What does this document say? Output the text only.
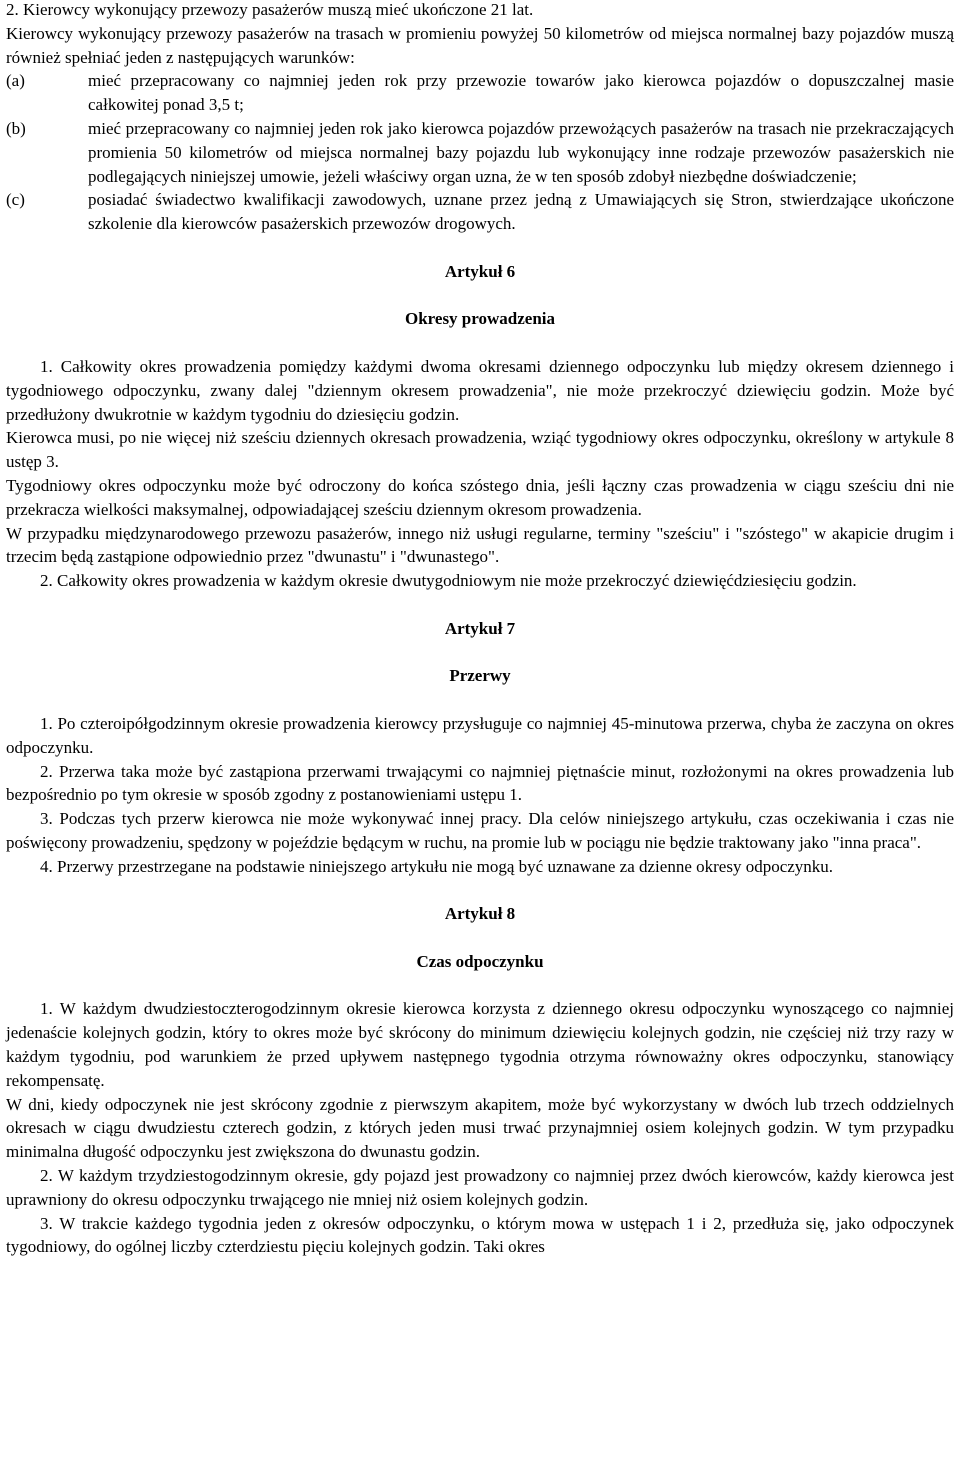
2. Kierowcy wykonujący przewozy pasażerów muszą mieć ukończone 21 lat.

Kierowcy wykonujący przewozy pasażerów na trasach w promieniu powyżej 50 kilometrów od miejsca normalnej bazy pojazdów muszą również spełniać jeden z następujących warunków:

(a)	mieć przepracowany co najmniej jeden rok przy przewozie towarów jako kierowca pojazdów o dopuszczalnej masie całkowitej ponad 3,5 t;
(b)	mieć przepracowany co najmniej jeden rok jako kierowca pojazdów przewożących pasażerów na trasach nie przekraczających promienia 50 kilometrów od miejsca normalnej bazy pojazdu lub wykonujący inne rodzaje przewozów pasażerskich nie podlegających niniejszej umowie, jeżeli właściwy organ uzna, że w ten sposób zdobył niezbędne doświadczenie;
(c)	posiadać świadectwo kwalifikacji zawodowych, uznane przez jedną z Umawiających się Stron, stwierdzające ukończone szkolenie dla kierowców pasażerskich przewozów drogowych.
Artykuł 6
Okresy prowadzenia

1. Całkowity okres prowadzenia pomiędzy każdymi dwoma okresami dziennego odpoczynku lub między okresem dziennego i tygodniowego odpoczynku, zwany dalej "dziennym okresem prowadzenia", nie może przekroczyć dziewięciu godzin. Może być przedłużony dwukrotnie w każdym tygodniu do dziesięciu godzin.

Kierowca musi, po nie więcej niż sześciu dziennych okresach prowadzenia, wziąć tygodniowy okres odpoczynku, określony w artykule 8 ustęp 3.

Tygodniowy okres odpoczynku może być odroczony do końca szóstego dnia, jeśli łączny czas prowadzenia w ciągu sześciu dni nie przekracza wielkości maksymalnej, odpowiadającej sześciu dziennym okresom prowadzenia.

W przypadku międzynarodowego przewozu pasażerów, innego niż usługi regularne, terminy "sześciu" i "szóstego" w akapicie drugim i trzecim będą zastąpione odpowiednio przez "dwunastu" i "dwunastego".

2. Całkowity okres prowadzenia w każdym okresie dwutygodniowym nie może przekroczyć dziewięćdziesięciu godzin.

Artykuł 7
Przerwy

1. Po czteroipółgodzinnym okresie prowadzenia kierowcy przysługuje co najmniej 45-minutowa przerwa, chyba że zaczyna on okres odpoczynku.

2. Przerwa taka może być zastąpiona przerwami trwającymi co najmniej piętnaście minut, rozłożonymi na okres prowadzenia lub bezpośrednio po tym okresie w sposób zgodny z postanowieniami ustępu 1.

3. Podczas tych przerw kierowca nie może wykonywać innej pracy. Dla celów niniejszego artykułu, czas oczekiwania i czas nie poświęcony prowadzeniu, spędzony w pojeździe będącym w ruchu, na promie lub w pociągu nie będzie traktowany jako "inna praca".

4. Przerwy przestrzegane na podstawie niniejszego artykułu nie mogą być uznawane za dzienne okresy odpoczynku.

Artykuł 8
Czas odpoczynku

1. W każdym dwudziestoczterogodzinnym okresie kierowca korzysta z dziennego okresu odpoczynku wynoszącego co najmniej jedenaście kolejnych godzin, który to okres może być skrócony do minimum dziewięciu kolejnych godzin, nie częściej niż trzy razy w każdym tygodniu, pod warunkiem że przed upływem następnego tygodnia otrzyma równoważny okres odpoczynku, stanowiący rekompensatę.

W dni, kiedy odpoczynek nie jest skrócony zgodnie z pierwszym akapitem, może być wykorzystany w dwóch lub trzech oddzielnych okresach w ciągu dwudziestu czterech godzin, z których jeden musi trwać przynajmniej osiem kolejnych godzin. W tym przypadku minimalna długość odpoczynku jest zwiększona do dwunastu godzin.

2. W każdym trzydziestogodzinnym okresie, gdy pojazd jest prowadzony co najmniej przez dwóch kierowców, każdy kierowca jest uprawniony do okresu odpoczynku trwającego nie mniej niż osiem kolejnych godzin.

3. W trakcie każdego tygodnia jeden z okresów odpoczynku, o którym mowa w ustępach 1 i 2, przedłuża się, jako odpoczynek tygodniowy, do ogólnej liczby czterdziestu pięciu kolejnych godzin. Taki okres
